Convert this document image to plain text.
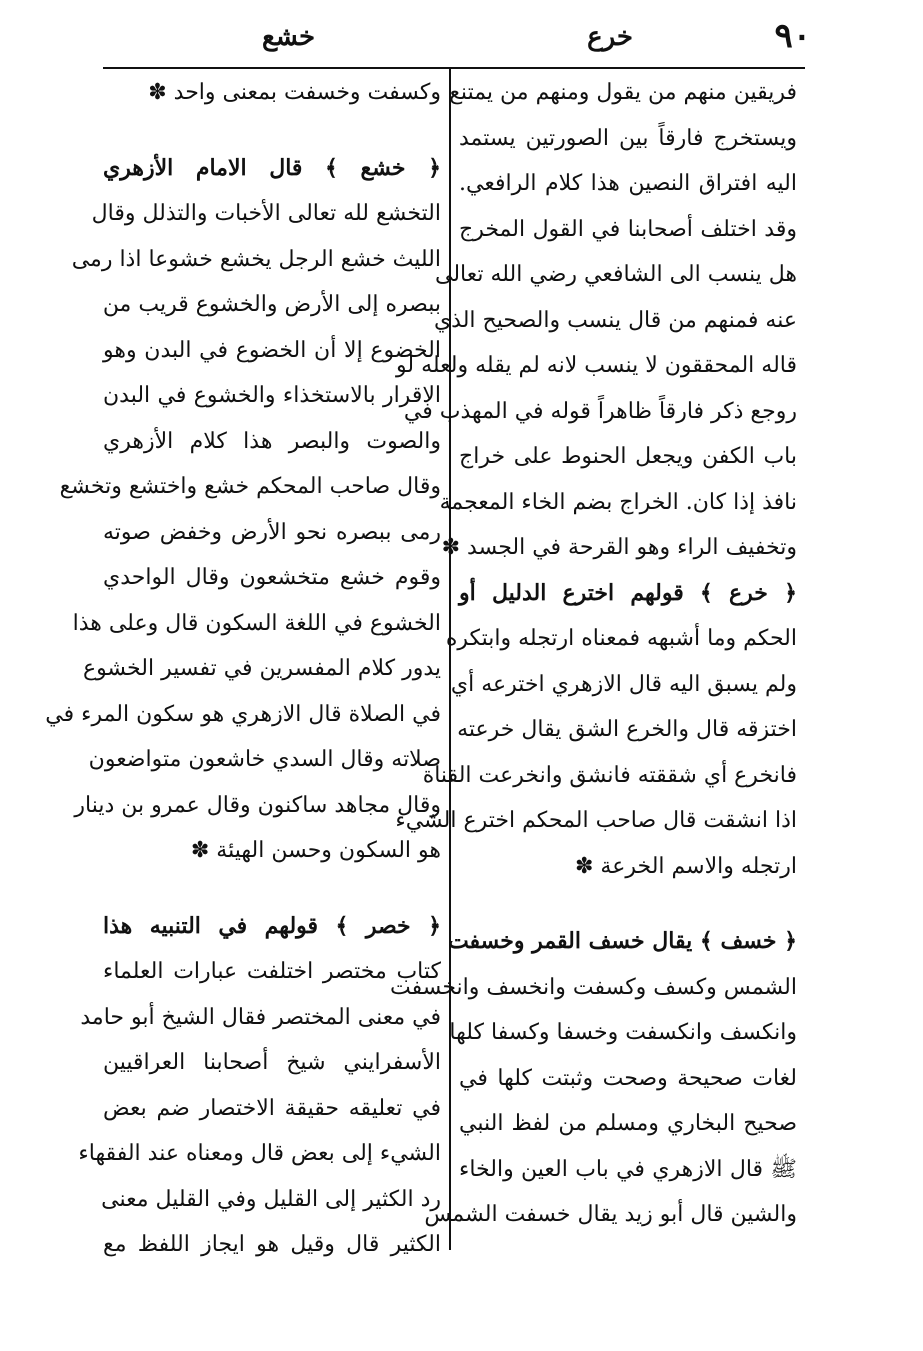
٩٠
خرع
خشع
فريقين منهم من يقول ومنهم من يمتنع
ويستخرج فارقاً بين الصورتين يستمد
اليه افتراق النصين هذا كلام الرافعي.
وقد اختلف أصحابنا في القول المخرج
هل ينسب الى الشافعي رضي الله تعالى
عنه فمنهم من قال ينسب والصحيح الذي
قاله المحققون لا ينسب لانه لم يقله ولعله لو
روجع ذكر فارقاً ظاهراً قوله في المهذب في
باب الكفن ويجعل الحنوط على خراج
نافذ إذا كان. الخراج بضم الخاء المعجمة
وتخفيف الراء وهو القرحة في الجسد ✽
﴿ خرع ﴾ قولهم اخترع الدليل أو
الحكم وما أشبهه فمعناه ارتجله وابتكره
ولم يسبق اليه قال الازهري اخترعه أي
اختزقه قال والخرع الشق يقال خرعته
فانخرع أي شققته فانشق وانخرعت القناة
اذا انشقت قال صاحب المحكم اخترع الشيء
ارتجله والاسم الخرعة ✽
﴿ خسف ﴾ يقال خسف القمر وخسفت
الشمس وكسف وكسفت وانخسف وانخسفت
وانكسف وانكسفت وخسفا وكسفا كلها
لغات صحيحة وصحت وثبتت كلها في
صحيح البخاري ومسلم من لفظ النبي
ﷺ قال الازهري في باب العين والخاء
والشين قال أبو زيد يقال خسفت الشمس
وكسفت وخسفت بمعنى واحد ✽
﴿ خشع ﴾ قال الامام الأزهري
التخشع لله تعالى الأخبات والتذلل وقال
الليث خشع الرجل يخشع خشوعا اذا رمى
ببصره إلى الأرض والخشوع قريب من
الخضوع إلا أن الخضوع في البدن وهو
الاقرار بالاستخذاء والخشوع في البدن
والصوت والبصر هذا كلام الأزهري
وقال صاحب المحكم خشع واختشع وتخشع
رمى ببصره نحو الأرض وخفض صوته
وقوم خشع متخشعون وقال الواحدي
الخشوع في اللغة السكون قال وعلى هذا
يدور كلام المفسرين في تفسير الخشوع
في الصلاة قال الازهري هو سكون المرء في
صلاته وقال السدي خاشعون متواضعون
وقال مجاهد ساكنون وقال عمرو بن دينار
هو السكون وحسن الهيئة ✽
﴿ خصر ﴾ قولهم في التنبيه هذا
كتاب مختصر اختلفت عبارات العلماء
في معنى المختصر فقال الشيخ أبو حامد
الأسفرايني شيخ أصحابنا العراقيين
في تعليقه حقيقة الاختصار ضم بعض
الشيء إلى بعض قال ومعناه عند الفقهاء
رد الكثير إلى القليل وفي القليل معنى
الكثير قال وقيل هو ايجاز اللفظ مع
